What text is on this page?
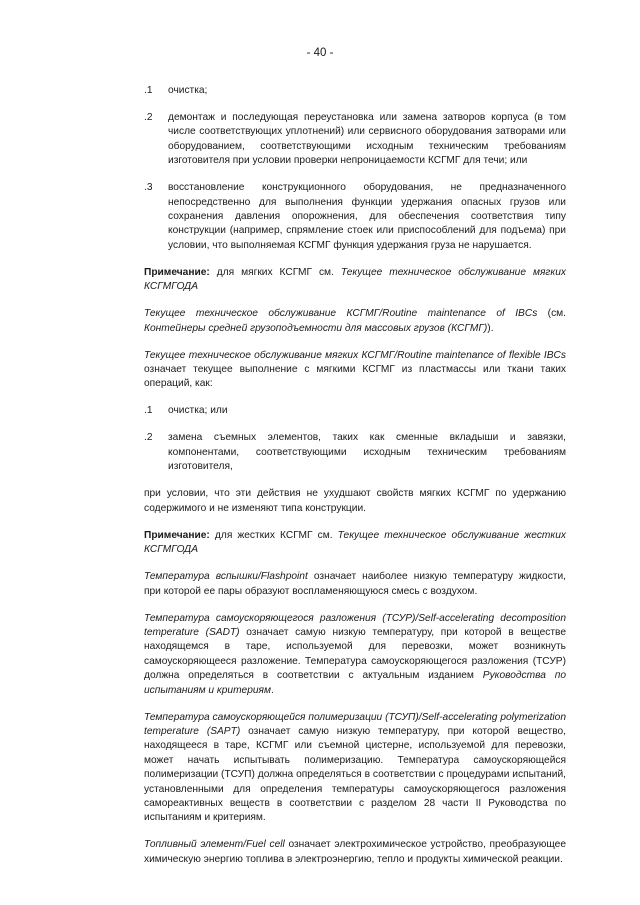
- 40 -
.1	очистка;
.2	демонтаж и последующая переустановка или замена затворов корпуса (в том числе соответствующих уплотнений) или сервисного оборудования затворами или оборудованием, соответствующими исходным техническим требованиям изготовителя при условии проверки непроницаемости КСГМГ для течи; или
.3	восстановление конструкционного оборудования, не предназначенного непосредственно для выполнения функции удержания опасных грузов или сохранения давления опорожнения, для обеспечения соответствия типу конструкции (например, спрямление стоек или приспособлений для подъема) при условии, что выполняемая КСГМГ функция удержания груза не нарушается.

Примечание: для мягких КСГМГ см. Текущее техническое обслуживание мягких КСГМГОДА

Текущее техническое обслуживание КСГМГ/Routine maintenance of IBCs (см. Контейнеры средней грузоподъемности для массовых грузов (КСГМГ)).

Текущее техническое обслуживание мягких КСГМГ/Routine maintenance of flexible IBCs означает текущее выполнение с мягкими КСГМГ из пластмассы или ткани таких операций, как:

.1	очистка; или
.2	замена съемных элементов, таких как сменные вкладыши и завязки, компонентами, соответствующими исходным техническим требованиям изготовителя,

при условии, что эти действия не ухудшают свойств мягких КСГМГ по удержанию содержимого и не изменяют типа конструкции.

Примечание: для жестких КСГМГ см. Текущее техническое обслуживание жестких КСГМГОДА

Температура вспышки/Flashpoint означает наиболее низкую температуру жидкости, при которой ее пары образуют воспламеняющуюся смесь с воздухом.

Температура самоускоряющегося разложения (ТСУР)/Self-accelerating decomposition temperature (SADT) означает самую низкую температуру, при которой в веществе находящемся в таре, используемой для перевозки, может возникнуть самоускоряющееся разложение. Температура самоускоряющегося разложения (ТСУР) должна определяться в соответствии с актуальным изданием Руководства по испытаниям и критериям.

Температура самоускоряющейся полимеризации (ТСУП)/Self-accelerating polymerization temperature (SAPT) означает самую низкую температуру, при которой вещество, находящееся в таре, КСГМГ или съемной цистерне, используемой для перевозки, может начать испытывать полимеризацию. Температура самоускоряющейся полимеризации (ТСУП) должна определяться в соответствии с процедурами испытаний, установленными для определения температуры самоускоряющегося разложения самореактивных веществ в соответствии с разделом 28 части II Руководства по испытаниям и критериям.

Топливный элемент/Fuel cell означает электрохимическое устройство, преобразующее химическую энергию топлива в электроэнергию, тепло и продукты химической реакции.
